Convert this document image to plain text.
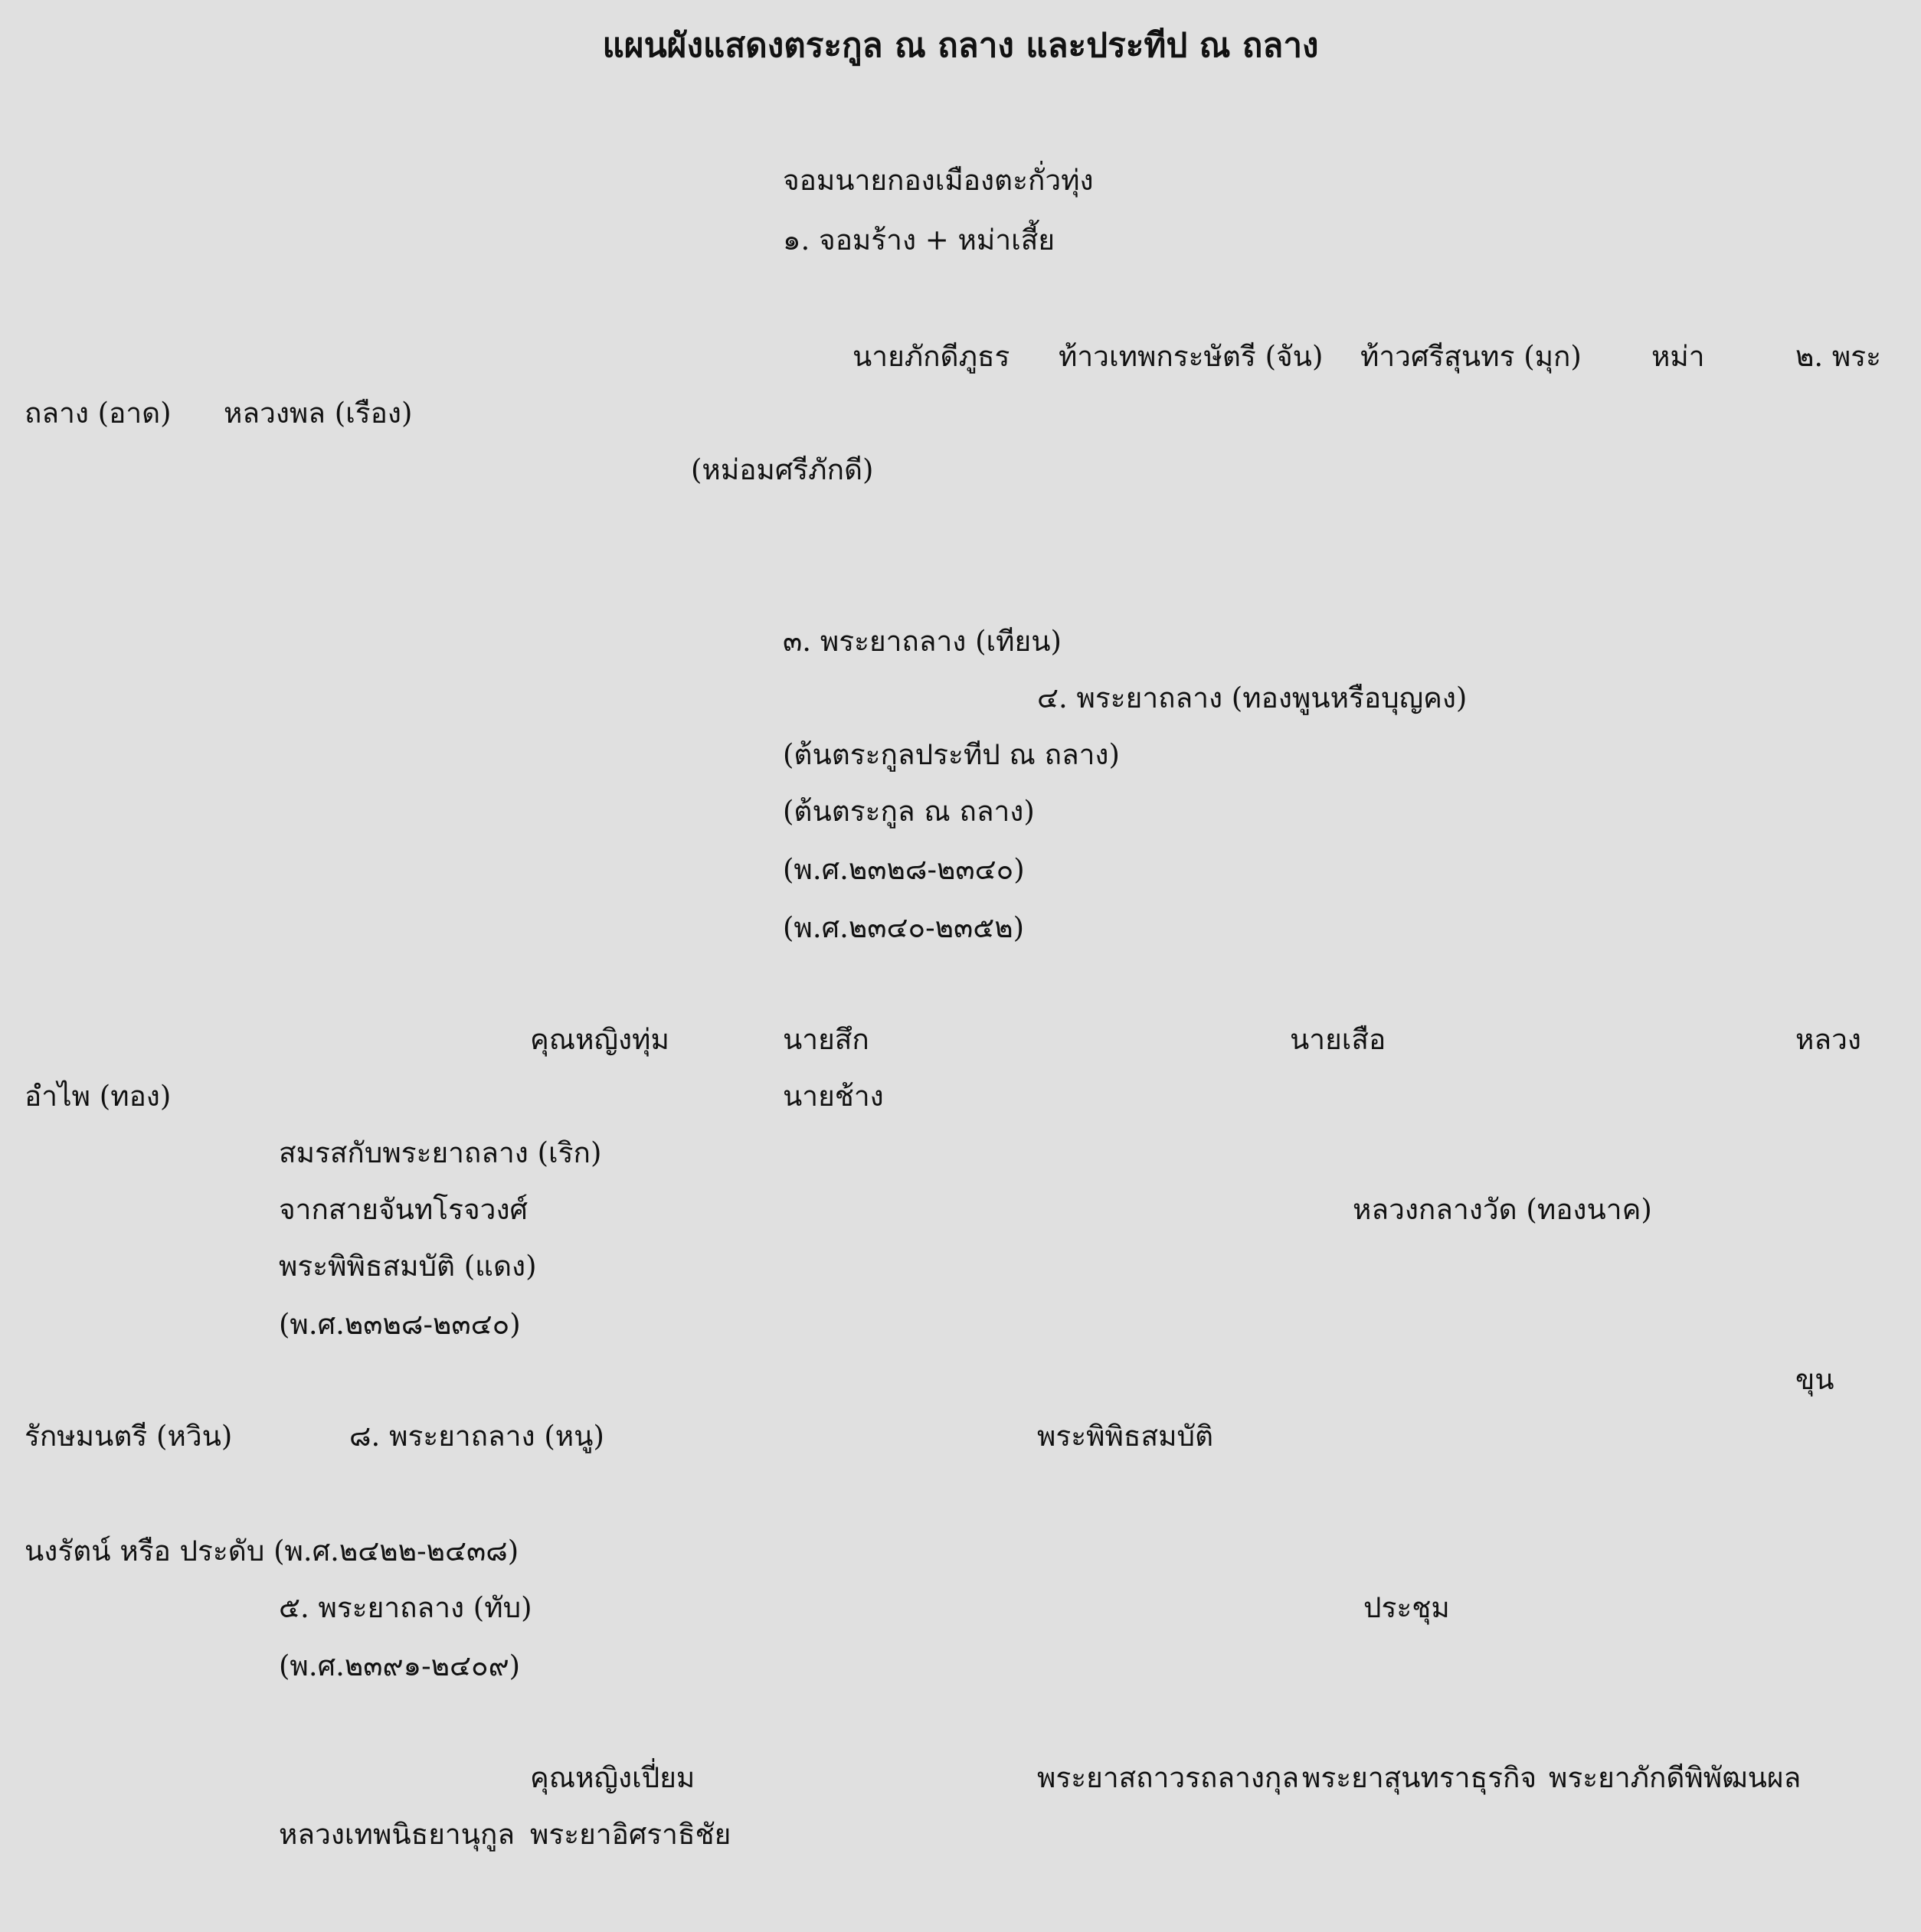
แผนผังแสดงตระกูล ณ ถลาง และประทีป ณ ถลาง
จอมนายกองเมืองตะกั่วทุ่ง
๑. จอมร้าง + หม่าเสี้ย
นายภักดีภูธร ท้าวเทพกระษัตรี (จัน) ท้าวศรีสุนทร (มุก) หม่า	๒. พระ
ถลาง (อาด) หลวงพล (เรือง)
(หม่อมศรีภักดี)
๓. พระยาถลาง (เทียน)
๔. พระยาถลาง (ทองพูนหรือบุญคง)
(ต้นตระกูลประทีป ณ ถลาง)
(ต้นตระกูล ณ ถลาง)
(พ.ศ.๒๓๒๘-๒๓๔๐)
(พ.ศ.๒๓๔๐-๒๓๕๒)
คุณหญิงทุ่ม	นายสึก	นายเสือ	หลวง
อำไพ (ทอง)	นายช้าง
สมรสกับพระยาถลาง (เริก)
จากสายจันทโรจวงศ์	หลวงกลางวัด (ทองนาค)
พระพิพิธสมบัติ (แดง)
(พ.ศ.๒๓๒๘-๒๓๔๐)
ขุน
รักษมนตรี (หวิน)	๘. พระยาถลาง (หนู)	พระพิพิธสมบัติ
นงรัตน์ หรือ ประดับ (พ.ศ.๒๔๒๒-๒๔๓๘)
๕. พระยาถลาง (ทับ)	ประชุม
(พ.ศ.๒๓๙๑-๒๔๐๙)
คุณหญิงเปี่ยม	พระยาสถาวรถลางกุล พระยาสุนทราธุรกิจ พระยาภักดีพิพัฒนผล
หลวงเทพนิธยานุกูล พระยาอิศราธิชัย
